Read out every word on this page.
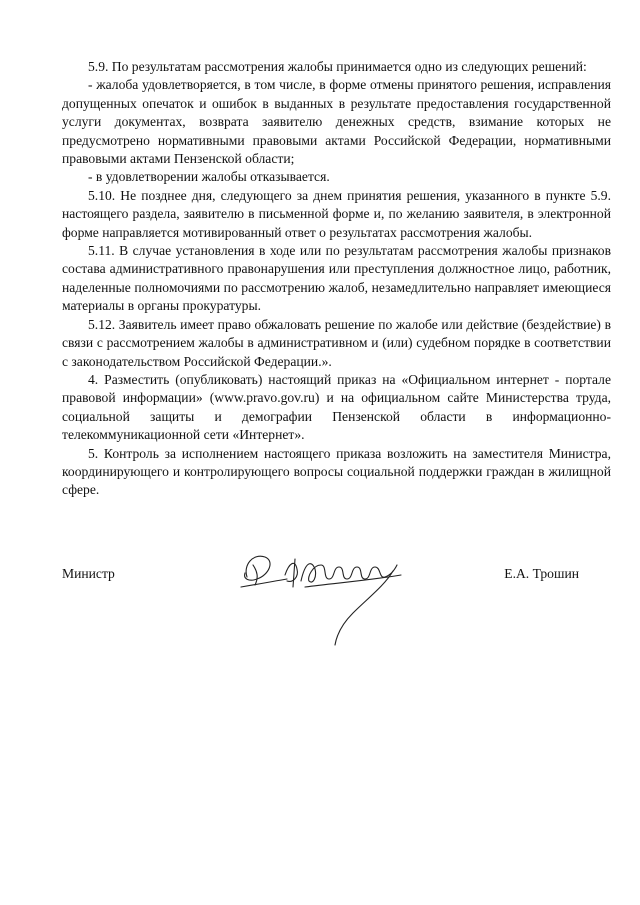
5.9. По результатам рассмотрения жалобы принимается одно из следующих решений:

- жалоба удовлетворяется, в том числе, в форме отмены принятого решения, исправления допущенных опечаток и ошибок в выданных в результате предоставления государственной услуги документах, возврата заявителю денежных средств, взимание которых не предусмотрено нормативными правовыми актами Российской Федерации, нормативными правовыми актами Пензенской области;

- в удовлетворении жалобы отказывается.

5.10. Не позднее дня, следующего за днем принятия решения, указанного в пункте 5.9. настоящего раздела, заявителю в письменной форме и, по желанию заявителя, в электронной форме направляется мотивированный ответ о результатах рассмотрения жалобы.

5.11. В случае установления в ходе или по результатам рассмотрения жалобы признаков состава административного правонарушения или преступления должностное лицо, работник, наделенные полномочиями по рассмотрению жалоб, незамедлительно направляет имеющиеся материалы в органы прокуратуры.

5.12. Заявитель имеет право обжаловать решение по жалобе или действие (бездействие) в связи с рассмотрением жалобы в административном и (или) судебном порядке в соответствии с законодательством Российской Федерации.».

4. Разместить (опубликовать) настоящий приказ на «Официальном интернет - портале правовой информации» (www.pravo.gov.ru) и на официальном сайте Министерства труда, социальной защиты и демографии Пензенской области в информационно-телекоммуникационной сети «Интернет».

5. Контроль за исполнением настоящего приказа возложить на заместителя Министра, координирующего и контролирующего вопросы социальной поддержки граждан в жилищной сфере.

Министр	Е.А. Трошин
